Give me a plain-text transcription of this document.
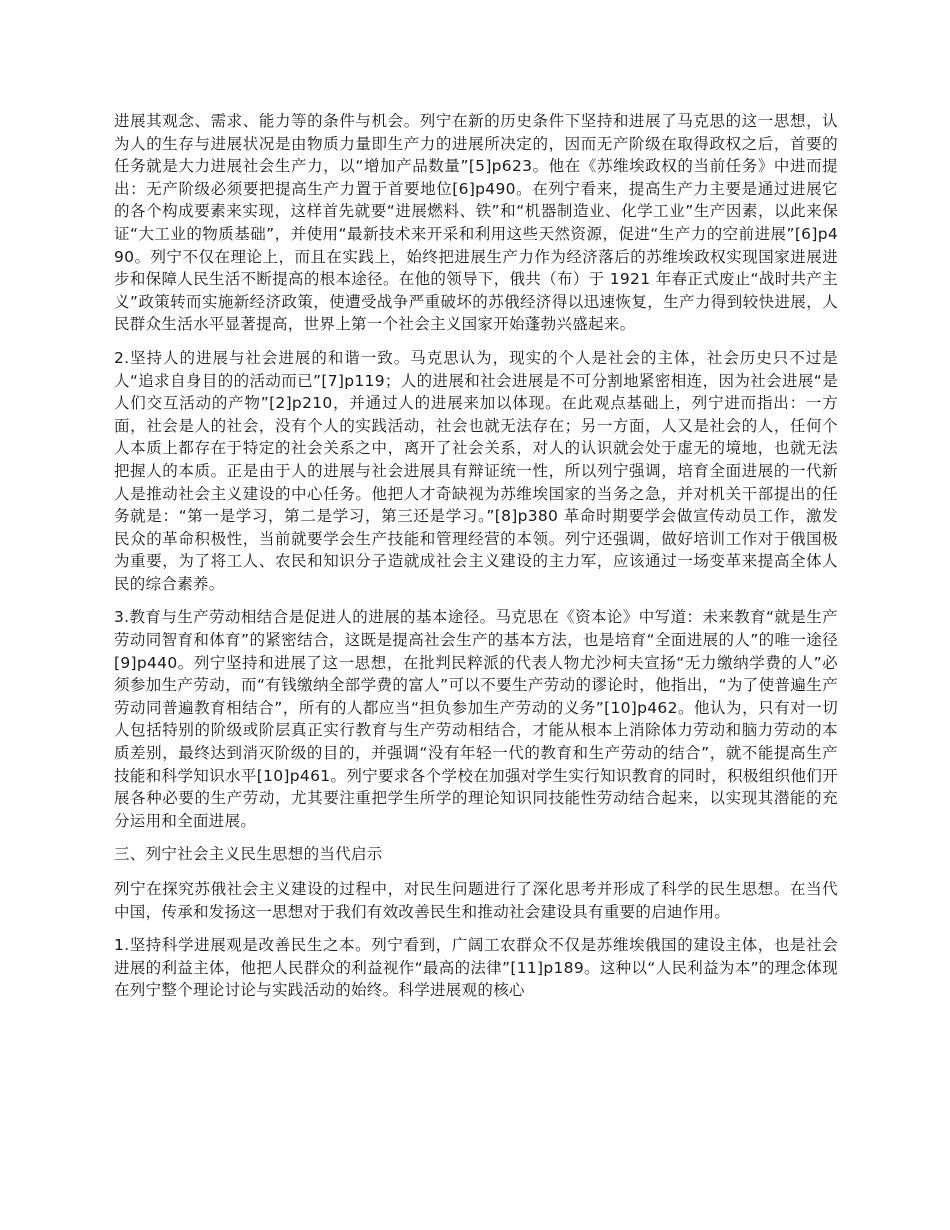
进展其观念、需求、能力等的条件与机会。列宁在新的历史条件下坚持和进展了马克思的这一思想，认为人的生存与进展状况是由物质力量即生产力的进展所决定的，因而无产阶级在取得政权之后，首要的任务就是大力进展社会生产力，以“增加产品数量”[5]p623。他在《苏维埃政权的当前任务》中进而提出：无产阶级必须要把提高生产力置于首要地位[6]p490。在列宁看来，提高生产力主要是通过进展它的各个构成要素来实现，这样首先就要“进展燃料、铁”和“机器制造业、化学工业”生产因素，以此来保证“大工业的物质基础”，并使用“最新技术来开采和利用这些天然资源，促进“生产力的空前进展”[6]p490。列宁不仅在理论上，而且在实践上，始终把进展生产力作为经济落后的苏维埃政权实现国家进展进步和保障人民生活不断提高的根本途径。在他的领导下，俄共（布）于 1921 年春正式废止“战时共产主义”政策转而实施新经济政策，使遭受战争严重破坏的苏俄经济得以迅速恢复，生产力得到较快进展，人民群众生活水平显著提高，世界上第一个社会主义国家开始蓬勃兴盛起来。

2.坚持人的进展与社会进展的和谐一致。马克思认为，现实的个人是社会的主体，社会历史只不过是人“追求自身目的的活动而已”[7]p119；人的进展和社会进展是不可分割地紧密相连，因为社会进展“是人们交互活动的产物”[2]p210，并通过人的进展来加以体现。在此观点基础上，列宁进而指出：一方面，社会是人的社会，没有个人的实践活动，社会也就无法存在；另一方面，人又是社会的人，任何个人本质上都存在于特定的社会关系之中，离开了社会关系，对人的认识就会处于虚无的境地，也就无法把握人的本质。正是由于人的进展与社会进展具有辩证统一性，所以列宁强调，培育全面进展的一代新人是推动社会主义建设的中心任务。他把人才奇缺视为苏维埃国家的当务之急，并对机关干部提出的任务就是：“第一是学习，第二是学习，第三还是学习。”[8]p380 革命时期要学会做宣传动员工作，激发民众的革命积极性，当前就要学会生产技能和管理经营的本领。列宁还强调，做好培训工作对于俄国极为重要，为了将工人、农民和知识分子造就成社会主义建设的主力军，应该通过一场变革来提高全体人民的综合素养。

3.教育与生产劳动相结合是促进人的进展的基本途径。马克思在《资本论》中写道：未来教育“就是生产劳动同智育和体育”的紧密结合，这既是提高社会生产的基本方法，也是培育“全面进展的人”的唯一途径[9]p440。列宁坚持和进展了这一思想，在批判民粹派的代表人物尤沙柯夫宣扬“无力缴纳学费的人”必须参加生产劳动，而“有钱缴纳全部学费的富人”可以不要生产劳动的谬论时，他指出，“为了使普遍生产劳动同普遍教育相结合”，所有的人都应当“担负参加生产劳动的义务”[10]p462。他认为，只有对一切人包括特别的阶级或阶层真正实行教育与生产劳动相结合，才能从根本上消除体力劳动和脑力劳动的本质差别，最终达到消灭阶级的目的，并强调“没有年轻一代的教育和生产劳动的结合”，就不能提高生产技能和科学知识水平[10]p461。列宁要求各个学校在加强对学生实行知识教育的同时，积极组织他们开展各种必要的生产劳动，尤其要注重把学生所学的理论知识同技能性劳动结合起来，以实现其潜能的充分运用和全面进展。

三、列宁社会主义民生思想的当代启示

列宁在探究苏俄社会主义建设的过程中，对民生问题进行了深化思考并形成了科学的民生思想。在当代中国，传承和发扬这一思想对于我们有效改善民生和推动社会建设具有重要的启迪作用。

1.坚持科学进展观是改善民生之本。列宁看到，广阔工农群众不仅是苏维埃俄国的建设主体，也是社会进展的利益主体，他把人民群众的利益视作“最高的法律”[11]p189。这种以“人民利益为本”的理念体现在列宁整个理论讨论与实践活动的始终。科学进展观的核心
